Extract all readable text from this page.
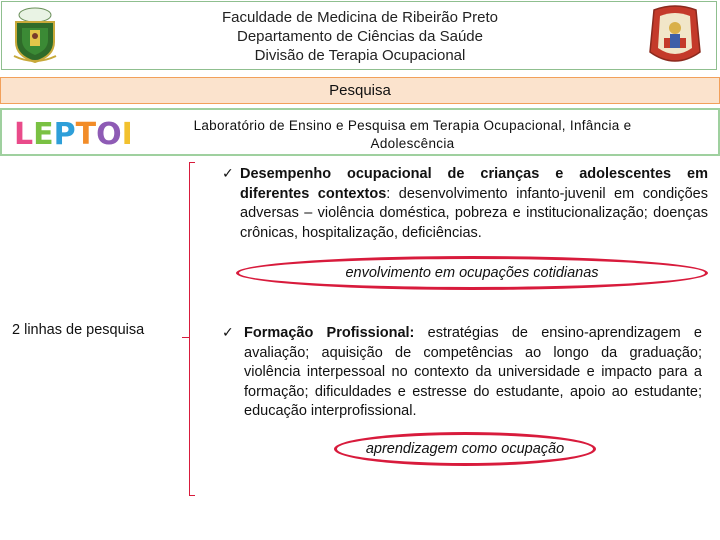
Faculdade de Medicina de Ribeirão Preto
Departamento de Ciências da Saúde
Divisão de Terapia Ocupacional
Pesquisa
LEPTOI	Laboratório de Ensino e Pesquisa em Terapia Ocupacional, Infância e
Adolescência
✓ Desempenho ocupacional de crianças e adolescentes em diferentes contextos: desenvolvimento infanto-juvenil em condições adversas – violência doméstica, pobreza e institucionalização; doenças crônicas, hospitalização, deficiências.
envolvimento em ocupações cotidianas
2 linhas de pesquisa	✓ Formação Profissional: estratégias de ensino-aprendizagem e avaliação; aquisição de competências ao longo da graduação; violência interpessoal no contexto da universidade e impacto para a formação; dificuldades e estresse do estudante, apoio ao estudante; educação interprofissional.
aprendizagem como ocupação
